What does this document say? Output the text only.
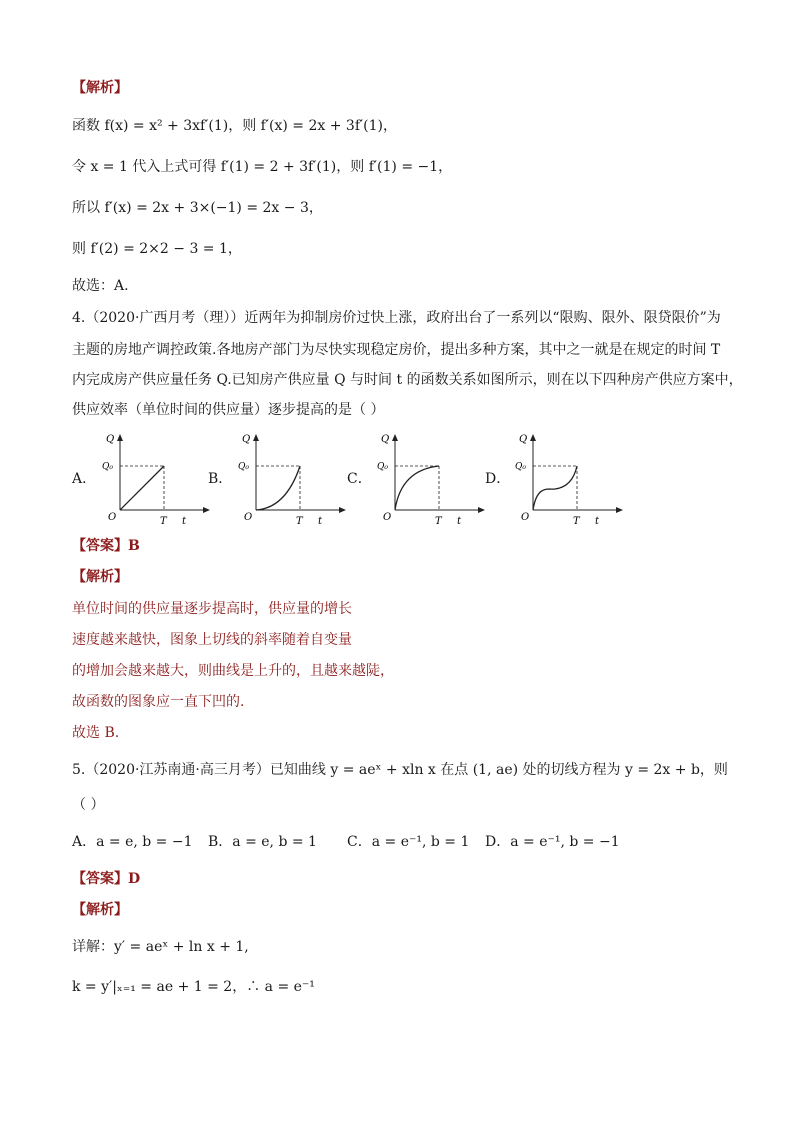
【解析】
函数 f(x) = x² + 3xf′(1)，则 f′(x) = 2x + 3f′(1)，
令 x = 1 代入上式可得 f′(1) = 2 + 3f′(1)，则 f′(1) = −1，
所以 f′(x) = 2x + 3×(−1) = 2x − 3，
则 f′(2) = 2×2 − 3 = 1，
故选：A.
4.（2020·广西月考（理））近两年为抑制房价过快上涨，政府出台了一系列以“限购、限外、限贷限价”为
主题的房地产调控政策.各地房产部门为尽快实现稳定房价，提出多种方案，其中之一就是在规定的时间 T
内完成房产供应量任务 Q.已知房产供应量 Q 与时间 t 的函数关系如图所示，则在以下四种房产供应方案中，
供应效率（单位时间的供应量）逐步提高的是（ ）
A．
Q
Q₀
O	T t
B．
Q
Q₀
O	T t
C．
Q
Q₀
O	T t
D．
Q
Q₀
O	T t
【答案】B
【解析】
单位时间的供应量逐步提高时，供应量的增长
速度越来越快，图象上切线的斜率随着自变量
的增加会越来越大，则曲线是上升的，且越来越陡，
故函数的图象应一直下凹的.
故选 B.
5.（2020·江苏南通·高三月考）已知曲线 y = aeˣ + xln x 在点 (1, ae) 处的切线方程为 y = 2x + b，则
（ ）
A．a = e, b = −1 B．a = e, b = 1 C．a = e⁻¹, b = 1 D．a = e⁻¹, b = −1
【答案】D
【解析】
详解：y′ = aeˣ + ln x + 1,
k = y′|ₓ₌₁ = ae + 1 = 2，∴ a = e⁻¹
